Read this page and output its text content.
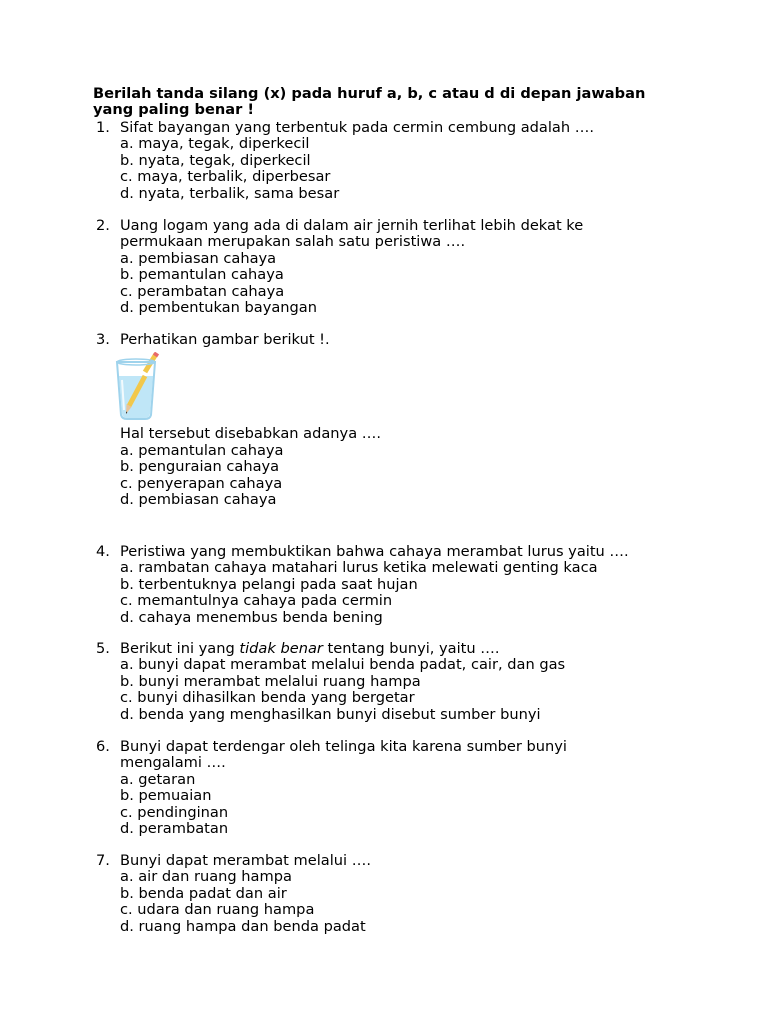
Berilah tanda silang (x) pada huruf a, b, c atau d di depan jawaban
yang paling benar !
1. Sifat bayangan yang terbentuk pada cermin cembung adalah ….
a. maya, tegak, diperkecil
b. nyata, tegak, diperkecil
c. maya, terbalik, diperbesar
d. nyata, terbalik, sama besar
2. Uang logam yang ada di dalam air jernih terlihat lebih dekat ke
permukaan merupakan salah satu peristiwa ….
a. pembiasan cahaya
b. pemantulan cahaya
c. perambatan cahaya
d. pembentukan bayangan
3. Perhatikan gambar berikut !.
Hal tersebut disebabkan adanya ….
a. pemantulan cahaya
b. penguraian cahaya
c. penyerapan cahaya
d. pembiasan cahaya
4. Peristiwa yang membuktikan bahwa cahaya merambat lurus yaitu ….
a. rambatan cahaya matahari lurus ketika melewati genting kaca
b. terbentuknya pelangi pada saat hujan
c. memantulnya cahaya pada cermin
d. cahaya menembus benda bening
5. Berikut ini yang tidak benar tentang bunyi, yaitu ….
a. bunyi dapat merambat melalui benda padat, cair, dan gas
b. bunyi merambat melalui ruang hampa
c. bunyi dihasilkan benda yang bergetar
d. benda yang menghasilkan bunyi disebut sumber bunyi
6. Bunyi dapat terdengar oleh telinga kita karena sumber bunyi
mengalami ….
a. getaran
b. pemuaian
c. pendinginan
d. perambatan
7. Bunyi dapat merambat melalui ….
a. air dan ruang hampa
b. benda padat dan air
c. udara dan ruang hampa
d. ruang hampa dan benda padat
